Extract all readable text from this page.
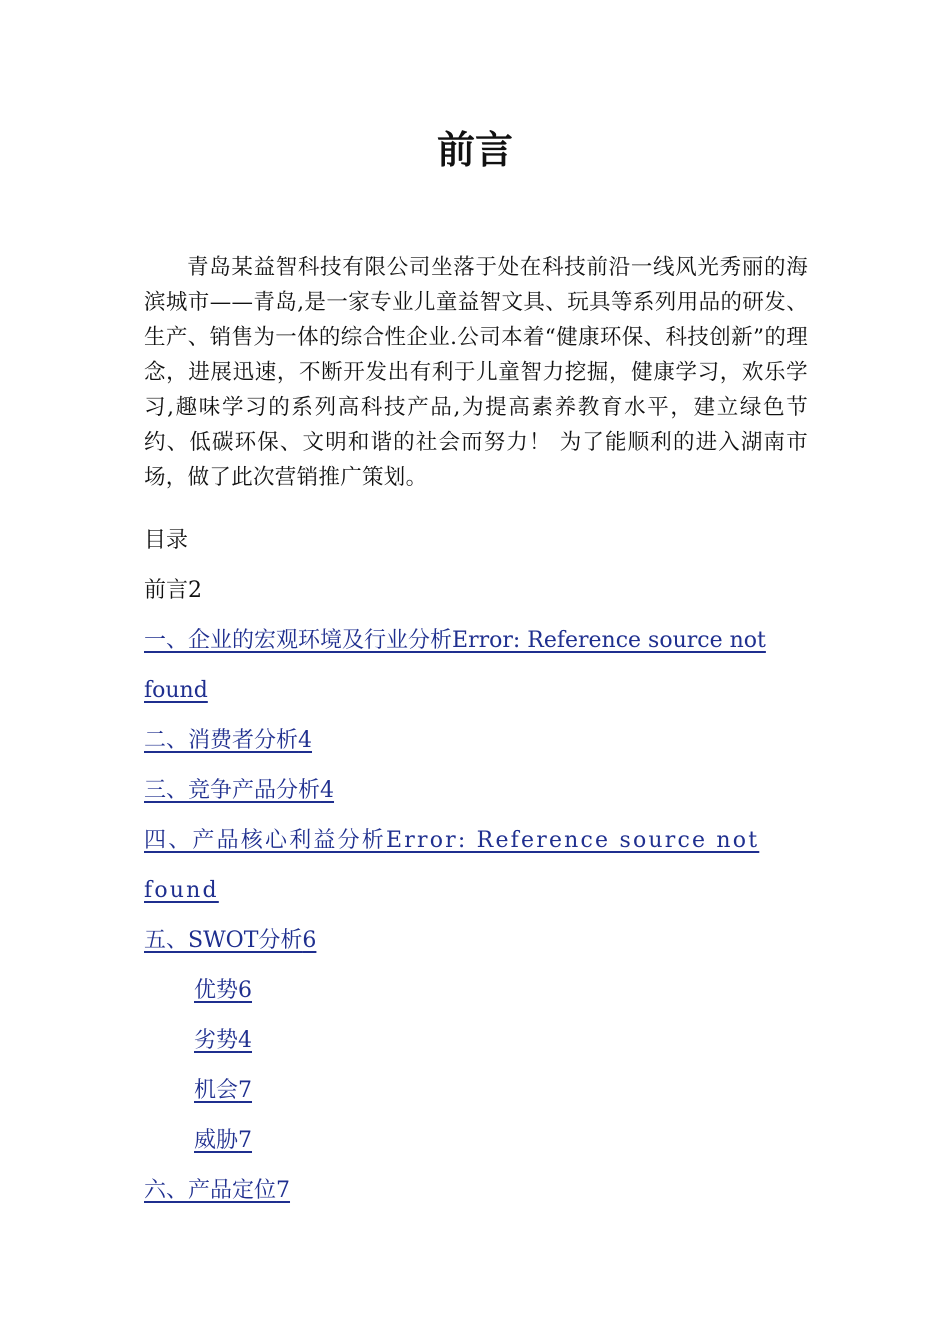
前言

青岛某益智科技有限公司坐落于处在科技前沿一线风光秀丽的海滨城市——青岛,是一家专业儿童益智文具、玩具等系列用品的研发、生产、销售为一体的综合性企业.公司本着“健康环保、科技创新”的理念，进展迅速，不断开发出有利于儿童智力挖掘，健康学习，欢乐学习,趣味学习的系列高科技产品,为提高素养教育水平，建立绿色节约、低碳环保、文明和谐的社会而努力！ 为了能顺利的进入湖南市场，做了此次营销推广策划。

目录
前言2
一、企业的宏观环境及行业分析Error: Reference source not found
二、消费者分析4
三、竞争产品分析4
四、产品核心利益分析Error: Reference source not found
五、SWOT分析6
优势6
劣势4
机会7
威胁7
六、产品定位7
